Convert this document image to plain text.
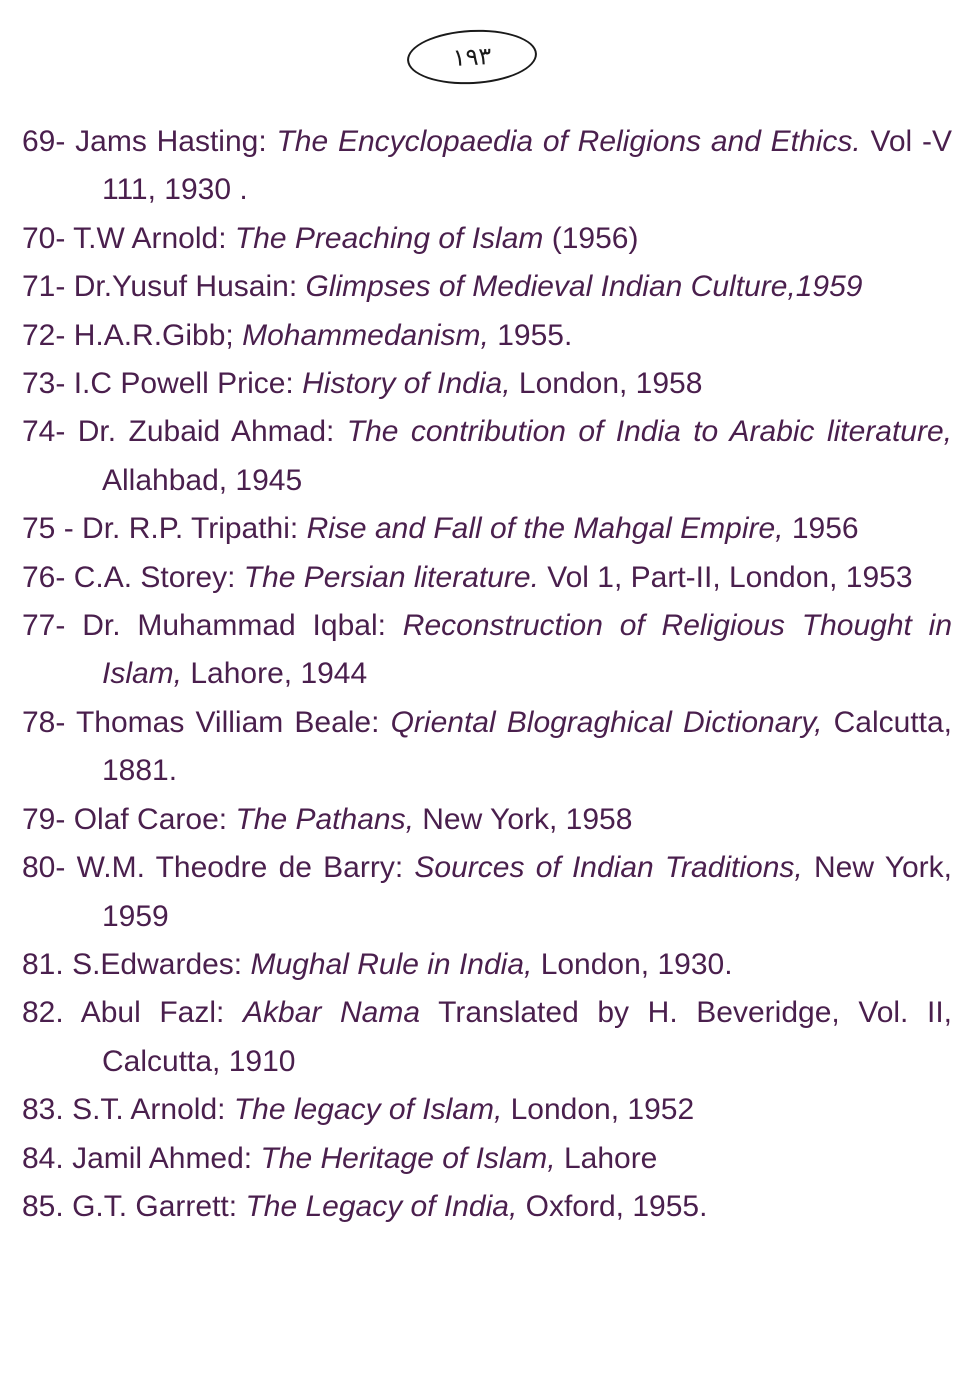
١٩٣
69- Jams Hasting: The Encyclopaedia of Religions and Ethics. Vol -V 111, 1930 .
70- T.W Arnold: The Preaching of Islam (1956)
71- Dr.Yusuf Husain: Glimpses of Medieval Indian Culture,1959
72- H.A.R.Gibb; Mohammedanism, 1955.
73- I.C Powell Price: History of India, London, 1958
74- Dr. Zubaid Ahmad: The contribution of India to Arabic literature, Allahbad, 1945
75 - Dr. R.P. Tripathi: Rise and Fall of the Mahgal Empire, 1956
76- C.A. Storey: The Persian literature. Vol 1, Part-II, London, 1953
77- Dr. Muhammad Iqbal: Reconstruction of Religious Thought in Islam, Lahore, 1944
78- Thomas Villiam Beale: Qriental Blograghical Dictionary, Calcutta, 1881.
79- Olaf Caroe: The Pathans, New York, 1958
80- W.M. Theodre de Barry: Sources of Indian Traditions, New York, 1959
81. S.Edwardes: Mughal Rule in India, London, 1930.
82. Abul Fazl: Akbar Nama Translated by H. Beveridge, Vol. II, Calcutta, 1910
83. S.T. Arnold: The legacy of Islam, London, 1952
84. Jamil Ahmed: The Heritage of Islam, Lahore
85. G.T. Garrett: The Legacy of India, Oxford, 1955.
